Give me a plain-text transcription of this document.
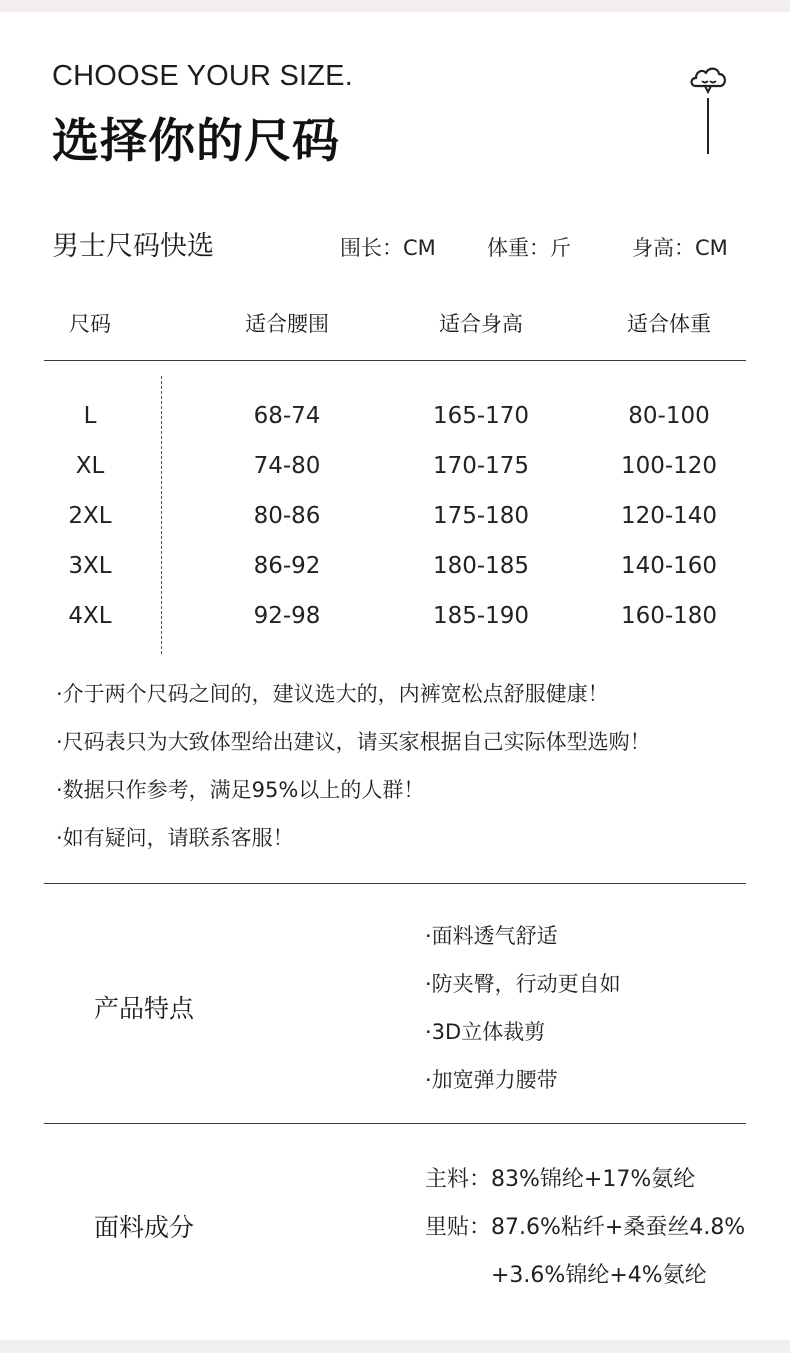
CHOOSE YOUR SIZE.
选择你的尺码
男士尺码快选	围长：CM 体重：斤	身高：CM
尺码	适合腰围	适合身高	适合体重
L	68-74	165-170	80-100
XL	74-80	170-175	100-120
2XL	80-86	175-180	120-140
3XL	86-92	180-185	140-160
4XL	92-98	185-190	160-180
·介于两个尺码之间的，建议选大的，内裤宽松点舒服健康！
·尺码表只为大致体型给出建议，请买家根据自己实际体型选购！
·数据只作参考，满足95%以上的人群！
·如有疑问，请联系客服！
产品特点
·面料透气舒适
·防夹臀，行动更自如
·3D立体裁剪
·加宽弹力腰带
面料成分
主料：83%锦纶+17%氨纶
里贴：87.6%粘纤+桑蚕丝4.8%
+3.6%锦纶+4%氨纶
